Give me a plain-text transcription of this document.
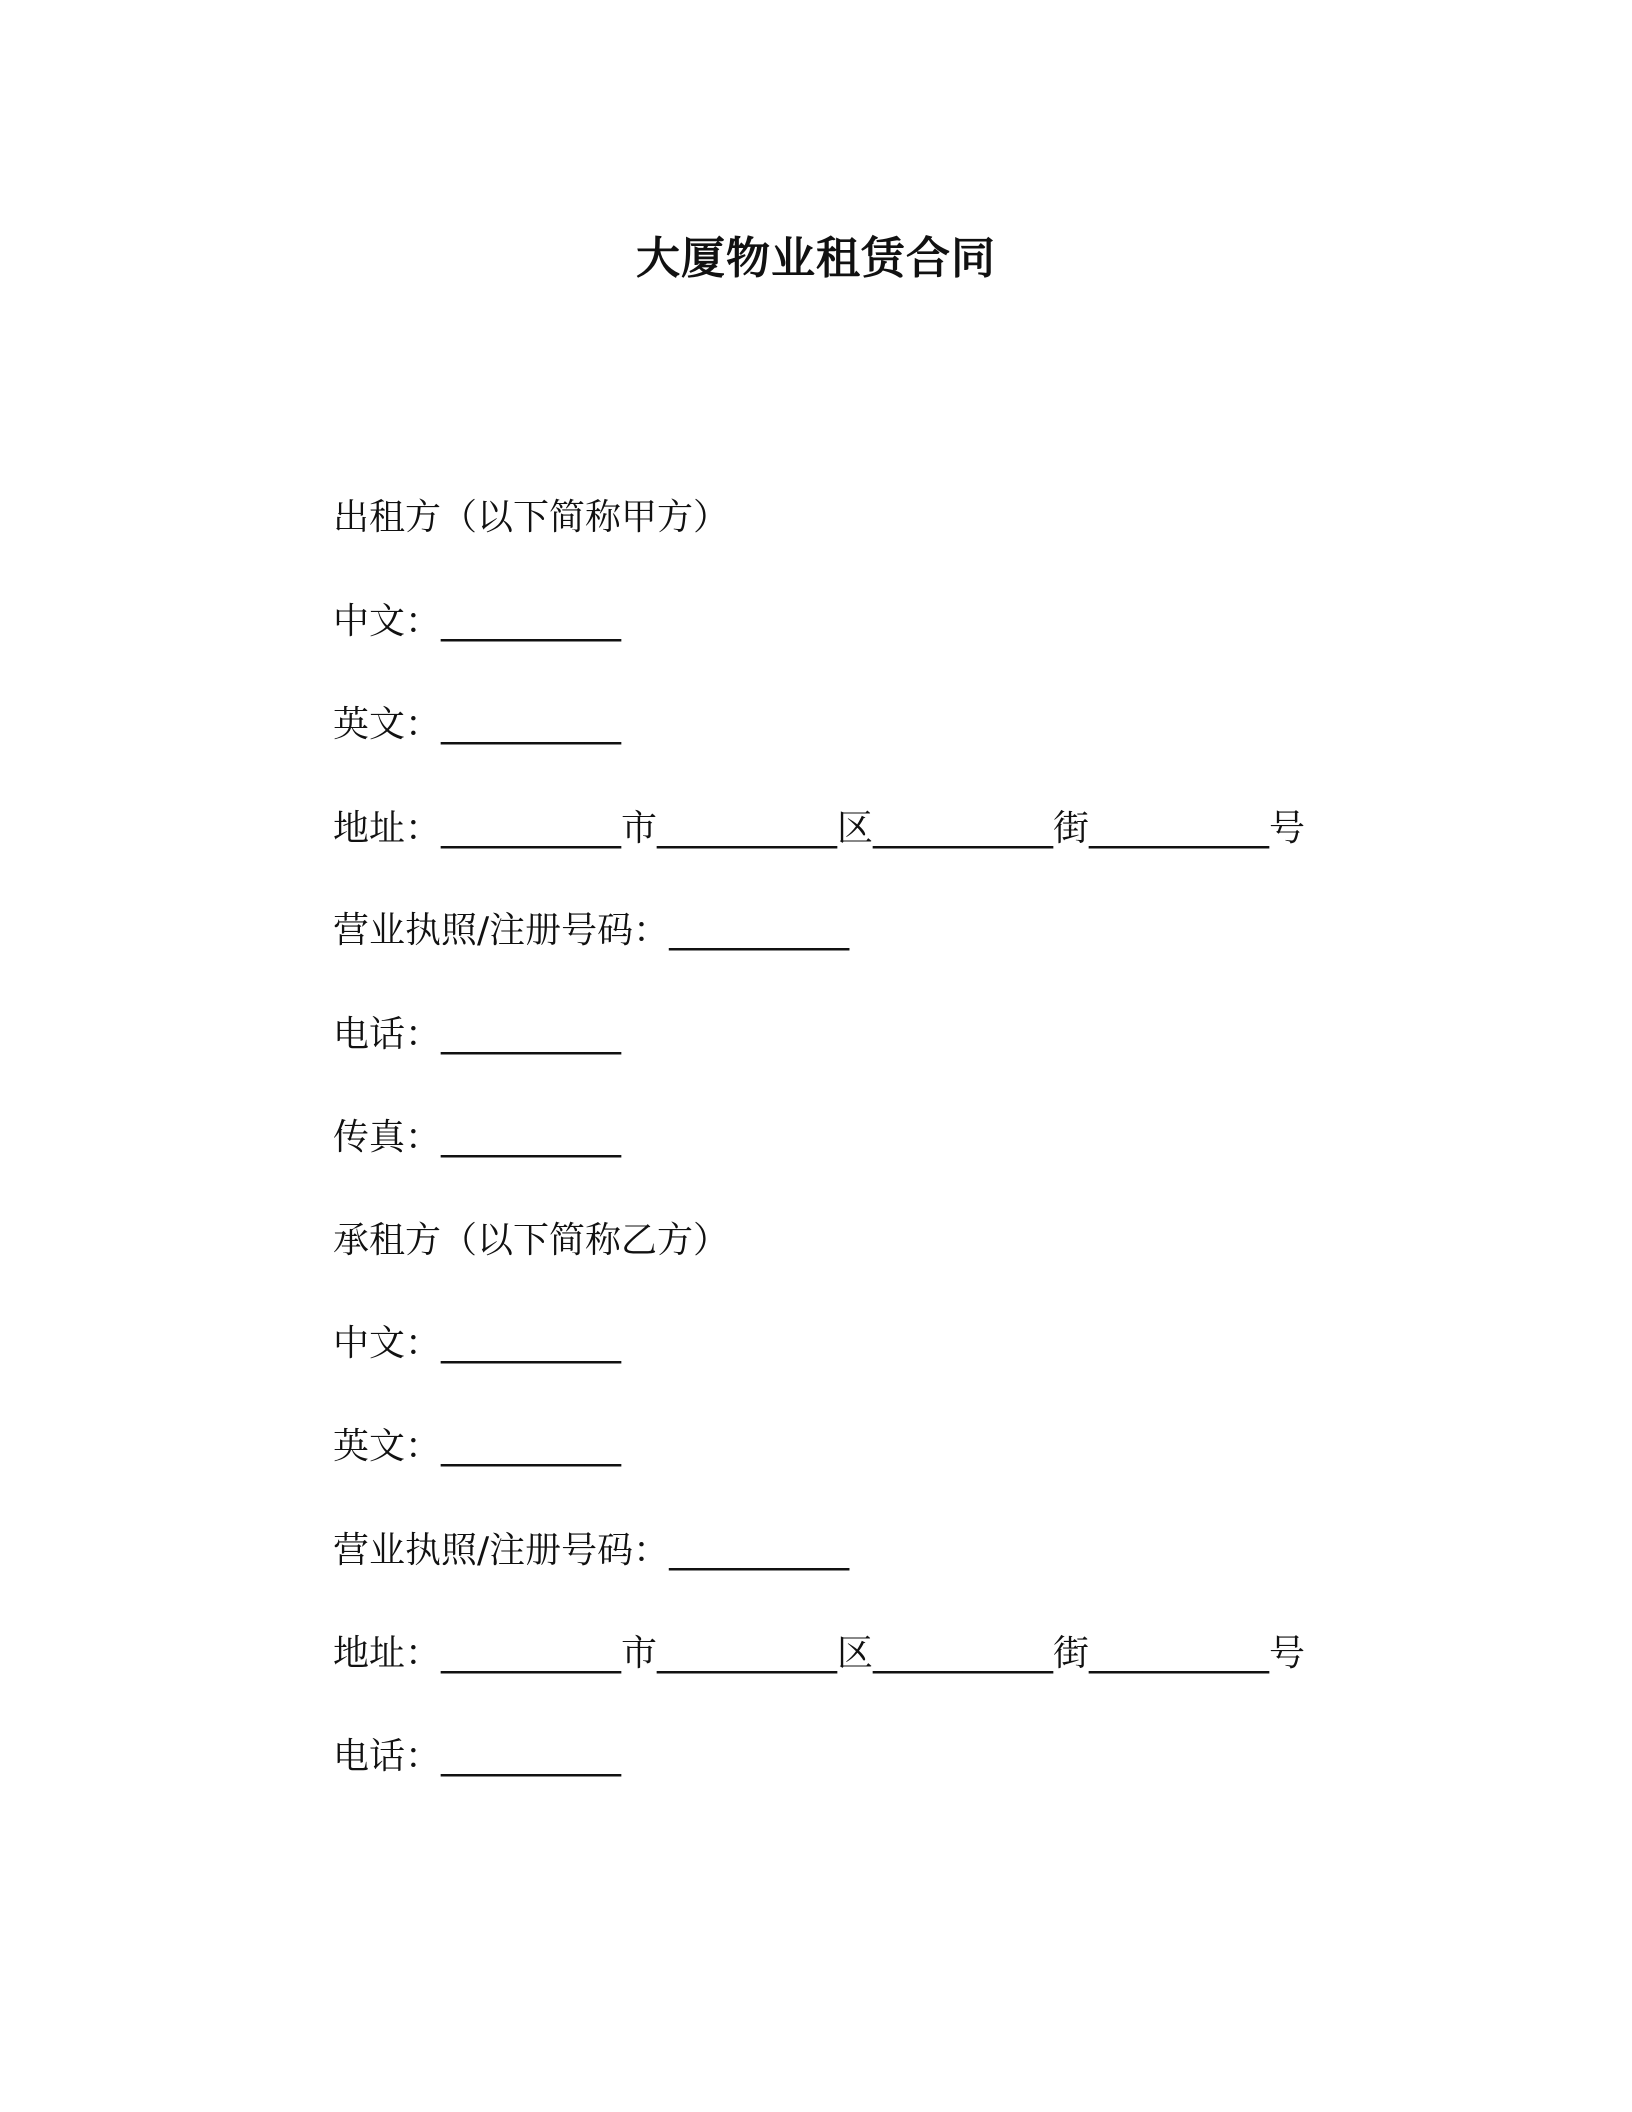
大厦物业租赁合同
出租方（以下简称甲方）
中文：__________
英文：__________
地址：__________市__________区__________街__________号
营业执照/注册号码：__________
电话：__________
传真：__________
承租方（以下简称乙方）
中文：__________
英文：__________
营业执照/注册号码：__________
地址：__________市__________区__________街__________号
电话：__________
